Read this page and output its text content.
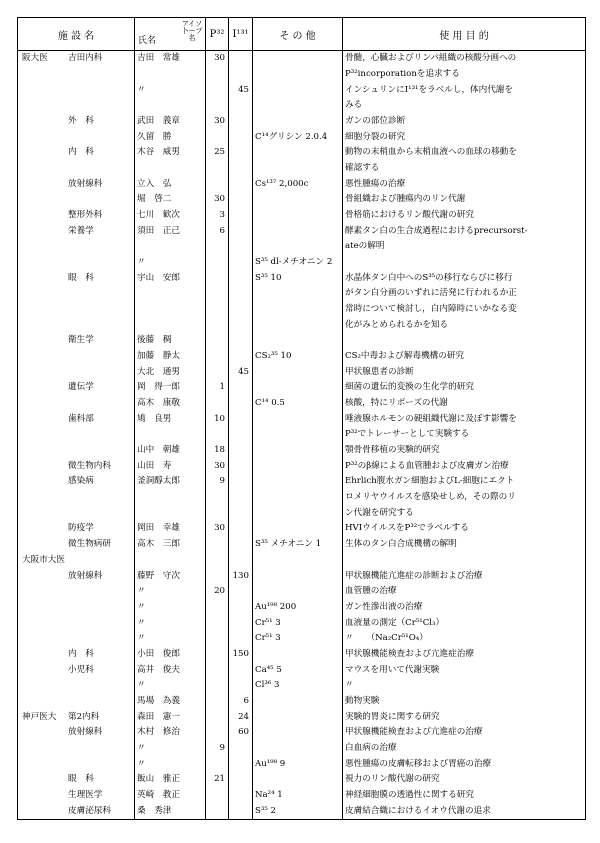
施 設 名	アイソ卜ープ名
氏名	P³²	I¹³¹	そ の 他	使 用 目 的
阪大医 吉田内科	吉田　常雄	30			骨髄，心臓およびリンパ組織の核酸分画への
					P³²incorporationを追求する
	〃		45		インシュリンにI¹³¹をラベルし，体内代謝を
					みる
外　科	武田　義章	30			ガンの部位診断
	久留　勝			C¹⁴グリシン 2.0.4	細胞分裂の研究
内　科	木谷　威男	25			動物の末梢血から末梢血液への血球の移動を
					確認する
放射線科	立入　弘			Cs¹³⁷ 2,000c	悪性腫瘍の治療
	堀　啓二	30			骨組織および腫瘍内のリン代謝
整形外科	七川　歓次	3			骨格筋におけるリン酸代謝の研究
栄養学	須田　正己	6			酵素タン白の生合成過程におけるprecursorst-
					ateの解明
	〃			S³⁵ dl-メチオニン 2	
眼　科	宇山　安郎			S³⁵ 10	水晶体タン白中へのS³⁵の移行ならびに移行
					がタン白分画のいずれに活発に行われるか正
					常時について検討し，白内障時にいかなる変
					化がみとめられるかを知る
衛生学	後藤　稠				
	加藤　静太			CS₂³⁵ 10	CS₂中毒および解毒機構の研究
	大北　通男		45		甲状腺患者の診断
遺伝学	岡　得一郎	1			細菌の遺伝的変換の生化学的研究
	高木　康敬			C¹⁴ 0.5	核酸，特にリボーズの代謝
歯科部	鳩　良男	10			唾液腺ホルモンの硬組織代謝に及ぼす影響を
					P³²でトレーサーとして実験する
	山中　朝雄	18			顎骨骨移植の実験的研究
微生物内科	山田　寿	30			P³²のβ線による血管腫および皮膚ガン治療
感染病	釜洞醇太郎	9			Ehrlich腹水ガン細胞およびL-細胞にエクト
					ロメリヤウイルスを感染せしめ，その際のリ
					ン代謝を研究する
防疫学	岡田　幸雄	30			HVIウイルスをP³²でラベルする
微生物病研	高木　三郎			S³⁵ メチオニン 1	生体のタン白合成機構の解明
大阪市大医					
放射線科	藤野　守次		130		甲状腺機能亢進症の診断および治療
	〃	20			血管腫の治療
	〃			Au¹⁹⁸ 200	ガン性滲出液の治療
	〃			Cr⁵¹ 3	血液量の測定（Cr⁵¹Cl₃）
	〃			Cr⁵¹ 3	〃　　（Na₂Cr⁵¹O₄）
内　科	小田　俊郎		150		甲状腺機能検査および亢進症治療
小児科	高井　俊夫			Ca⁴⁵ 5	マウスを用いて代謝実験
	〃			Cl³⁶ 3	〃
	馬場　為義		6		動物実験
神戸医大 第2内科	森田　憲一		24		実験的胃炎に関する研究
放射線科	木村　修治		60		甲状腺機能検査および亢進症の治療
	〃	9			白血病の治療
	〃			Au¹⁹⁸ 9	悪性腫瘍の皮膚転移および胃癌の治療
眼　科	飯山　雅正	21			視力のリン酸代謝の研究
生理医学	英崎　教正			Na²⁴ 1	神経細胞膜の透過性に関する研究
皮膚泌尿科	桑　秀津			S³⁵ 2	皮膚結合織におけるイオウ代謝の追求
